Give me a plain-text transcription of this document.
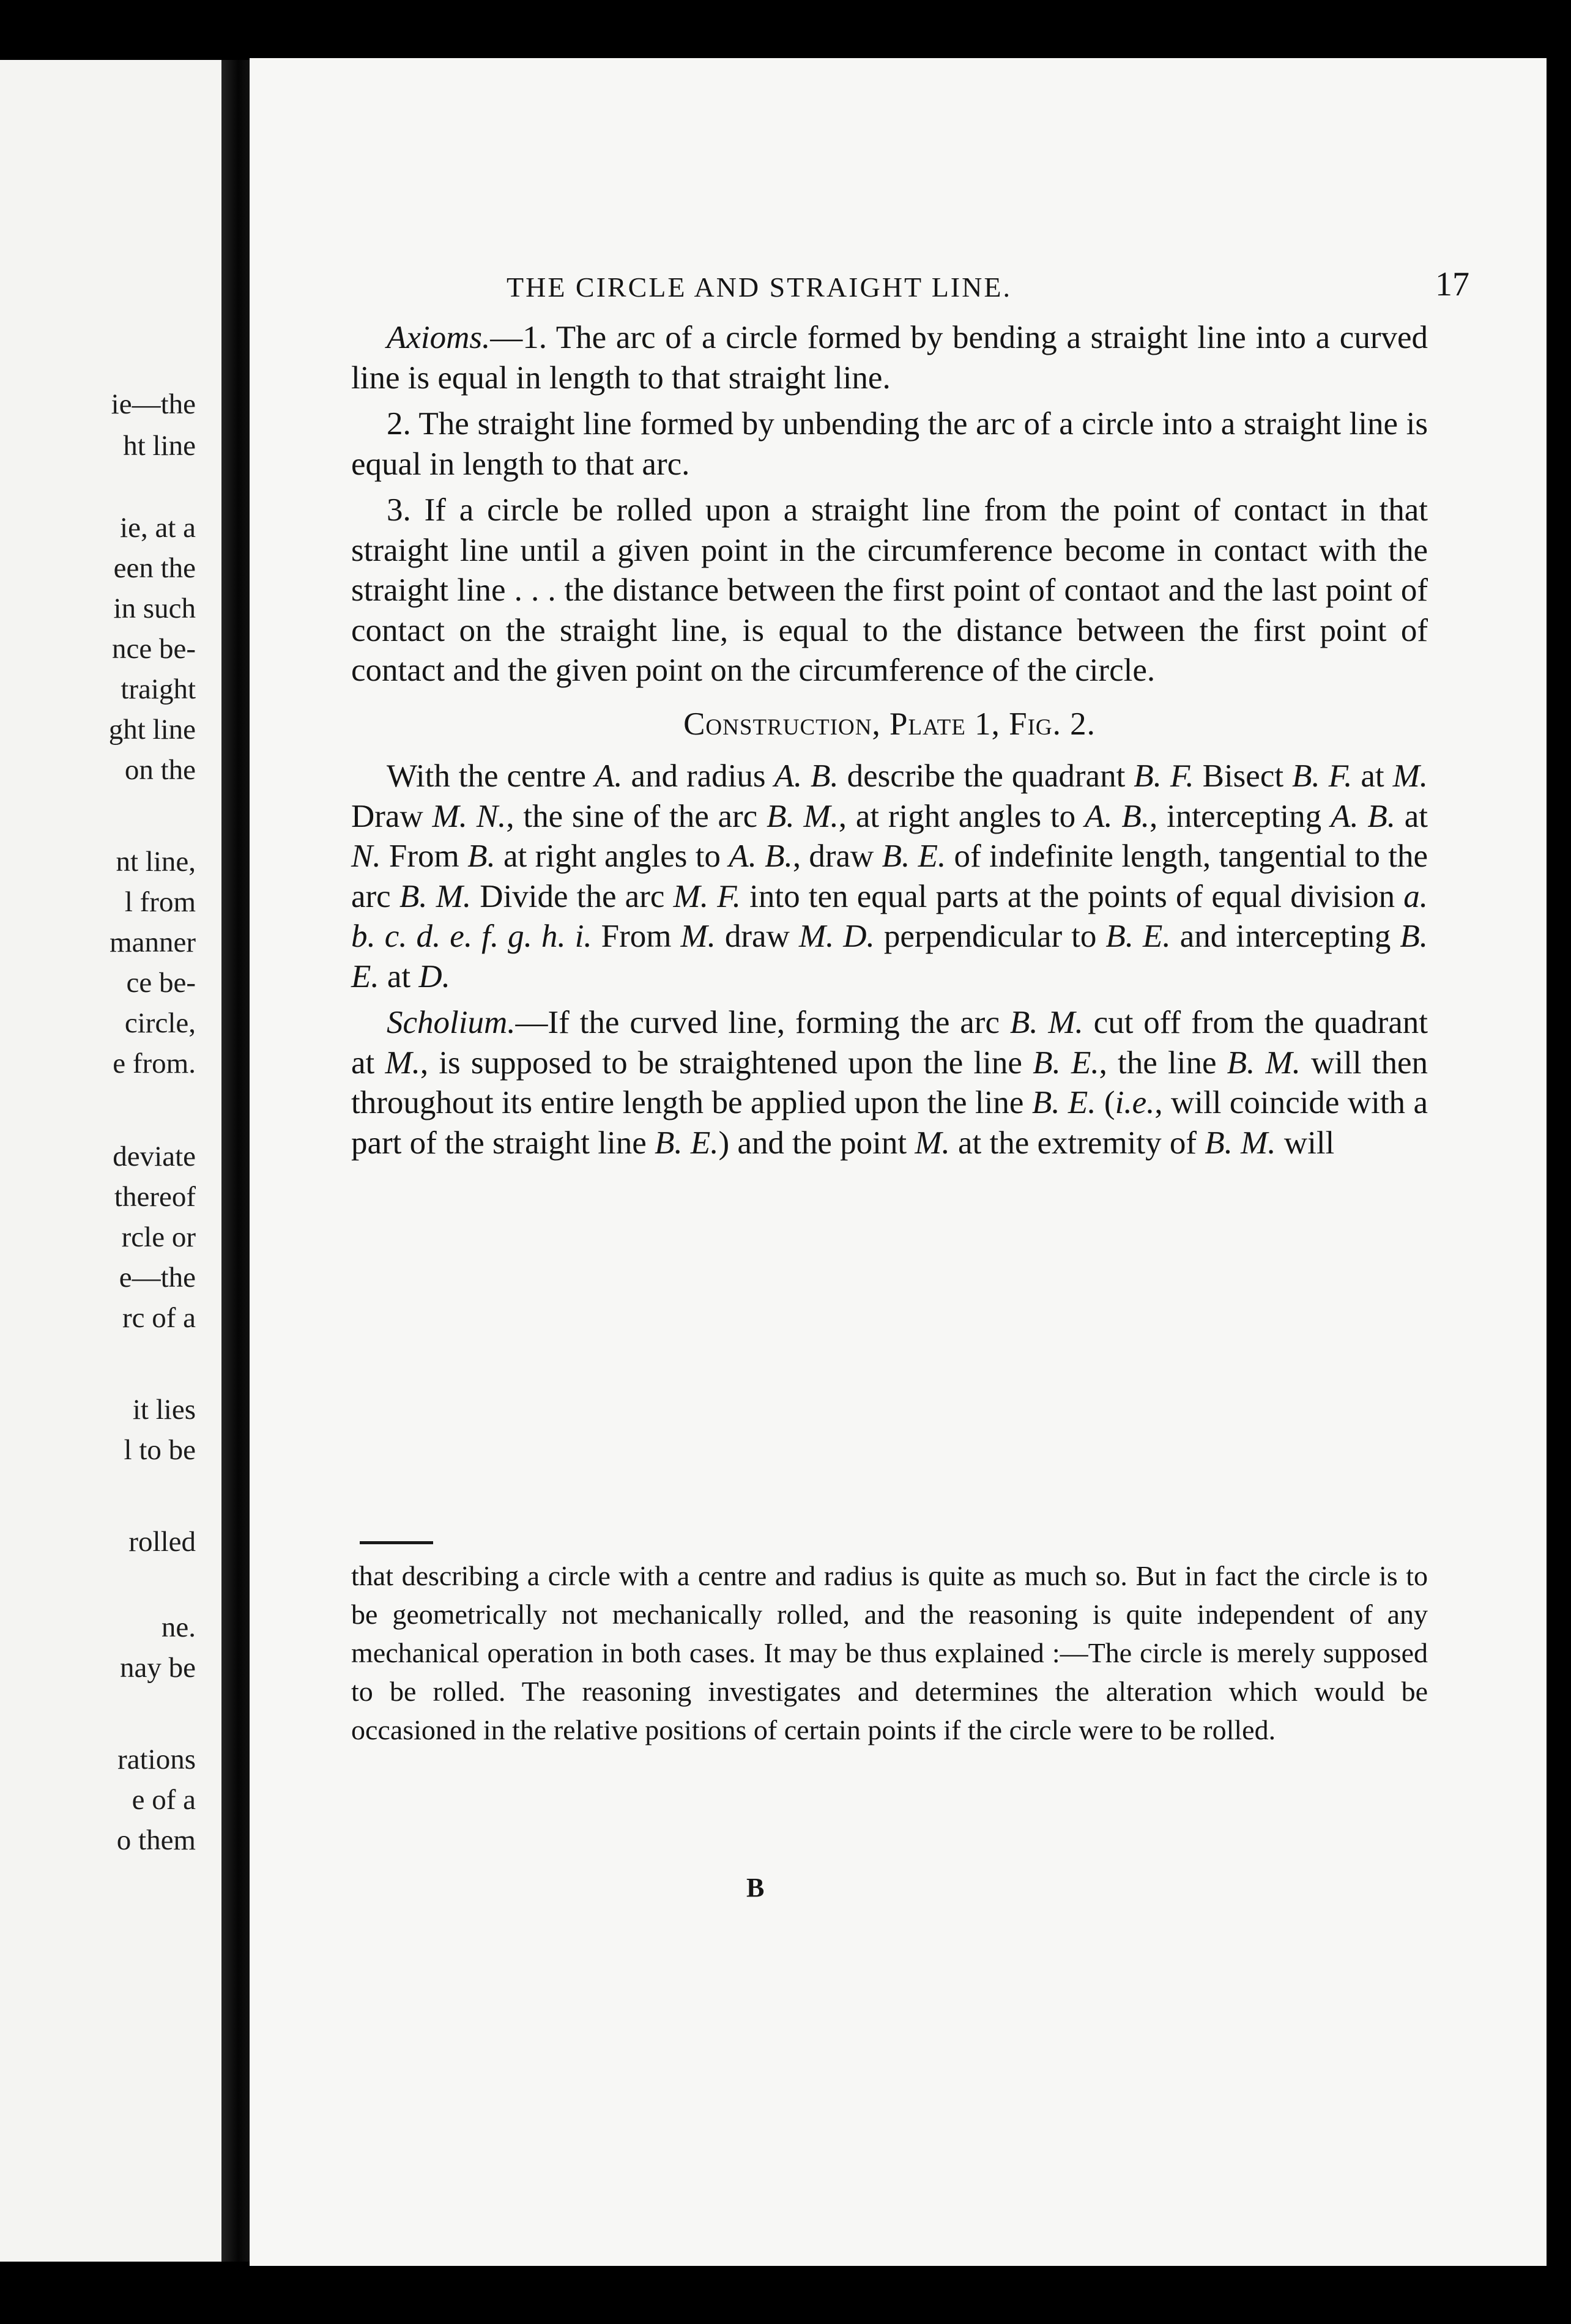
ie—the
ht line
ie, at a
een the
in such
nce be-
traight
ght line
on the
nt line,
l from
manner
ce be-
circle,
e from.
deviate
thereof
rcle or
e—the
rc of a
it lies
l to be
rolled
ne.
nay be
rations
e of a
o them
THE CIRCLE AND STRAIGHT LINE.	17

Axioms.—1. The arc of a circle formed by bending a straight line into a curved line is equal in length to that straight line.

2. The straight line formed by unbending the arc of a circle into a straight line is equal in length to that arc.

3. If a circle be rolled upon a straight line from the point of contact in that straight line until a given point in the circumference become in contact with the straight line . . . the distance between the first point of contaot and the last point of contact on the straight line, is equal to the distance between the first point of contact and the given point on the circumference of the circle.

Construction, Plate 1, Fig. 2.

With the centre A. and radius A. B. describe the quadrant B. F. Bisect B. F. at M. Draw M. N., the sine of the arc B. M., at right angles to A. B., intercepting A. B. at N. From B. at right angles to A. B., draw B. E. of indefinite length, tangential to the arc B. M. Divide the arc M. F. into ten equal parts at the points of equal division a. b. c. d. e. f. g. h. i. From M. draw M. D. perpendicular to B. E. and intercepting B. E. at D.

Scholium.—If the curved line, forming the arc B. M. cut off from the quadrant at M., is supposed to be straightened upon the line B. E., the line B. M. will then throughout its entire length be applied upon the line B. E. (i.e., will coincide with a part of the straight line B. E.) and the point M. at the extremity of B. M. will

that describing a circle with a centre and radius is quite as much so. But in fact the circle is to be geometrically not mechanically rolled, and the reasoning is quite independent of any mechanical operation in both cases. It may be thus explained :—The circle is merely supposed to be rolled. The reasoning investigates and determines the alteration which would be occasioned in the relative positions of certain points if the circle were to be rolled.
B
